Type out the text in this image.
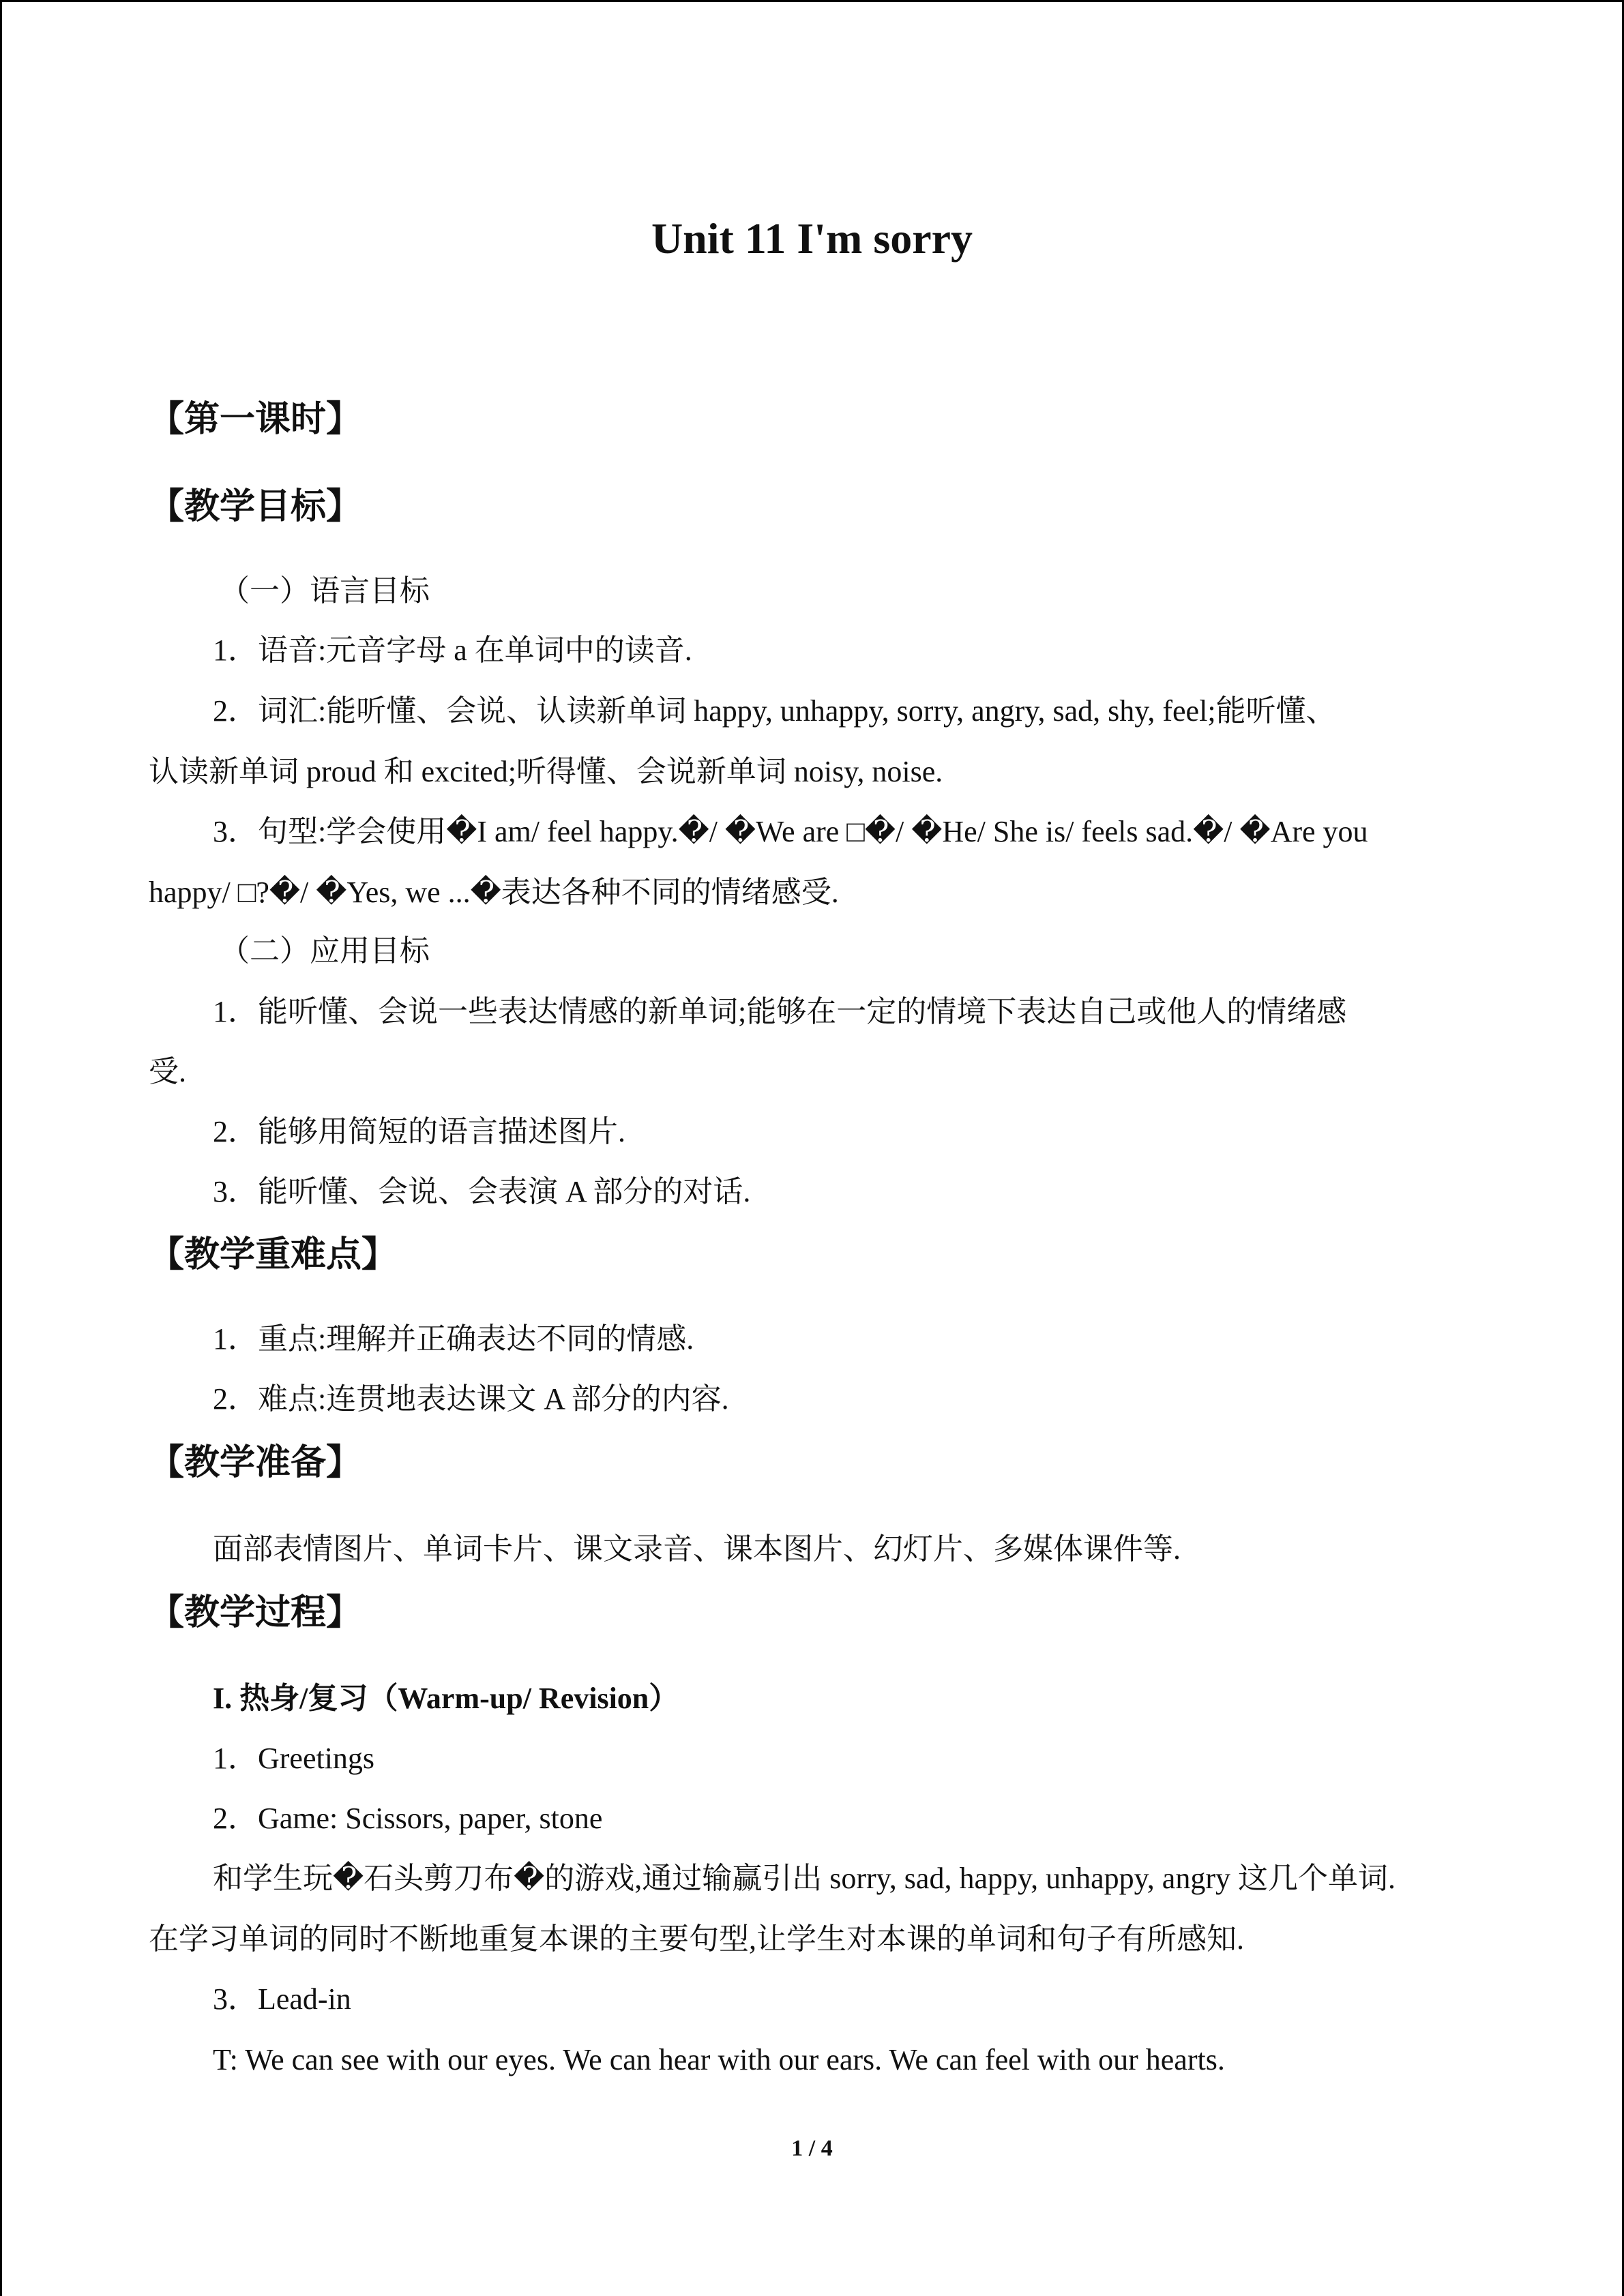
Unit 11 I'm sorry
【第一课时】
【教学目标】
（一）语言目标
1．语音:元音字母 a 在单词中的读音.
2．词汇:能听懂、会说、认读新单词 happy, unhappy, sorry, angry, sad, shy, feel;能听懂、
认读新单词 proud 和 excited;听得懂、会说新单词 noisy, noise.
3．句型:学会使用�I am/ feel happy.�/ �We are □�/ �He/ She is/ feels sad.�/ �Are you
happy/ □?�/ �Yes, we ...�表达各种不同的情绪感受.
（二）应用目标
1．能听懂、会说一些表达情感的新单词;能够在一定的情境下表达自己或他人的情绪感
受.
2．能够用简短的语言描述图片.
3．能听懂、会说、会表演 A 部分的对话.
【教学重难点】
1．重点:理解并正确表达不同的情感.
2．难点:连贯地表达课文 A 部分的内容.
【教学准备】
面部表情图片、单词卡片、课文录音、课本图片、幻灯片、多媒体课件等.
【教学过程】
I. 热身/复习（Warm-up/ Revision）
1．Greetings
2．Game: Scissors, paper, stone
和学生玩�石头剪刀布�的游戏,通过输赢引出 sorry, sad, happy, unhappy, angry 这几个单词.
在学习单词的同时不断地重复本课的主要句型,让学生对本课的单词和句子有所感知.
3．Lead-in
T: We can see with our eyes. We can hear with our ears. We can feel with our hearts.
1 / 4
